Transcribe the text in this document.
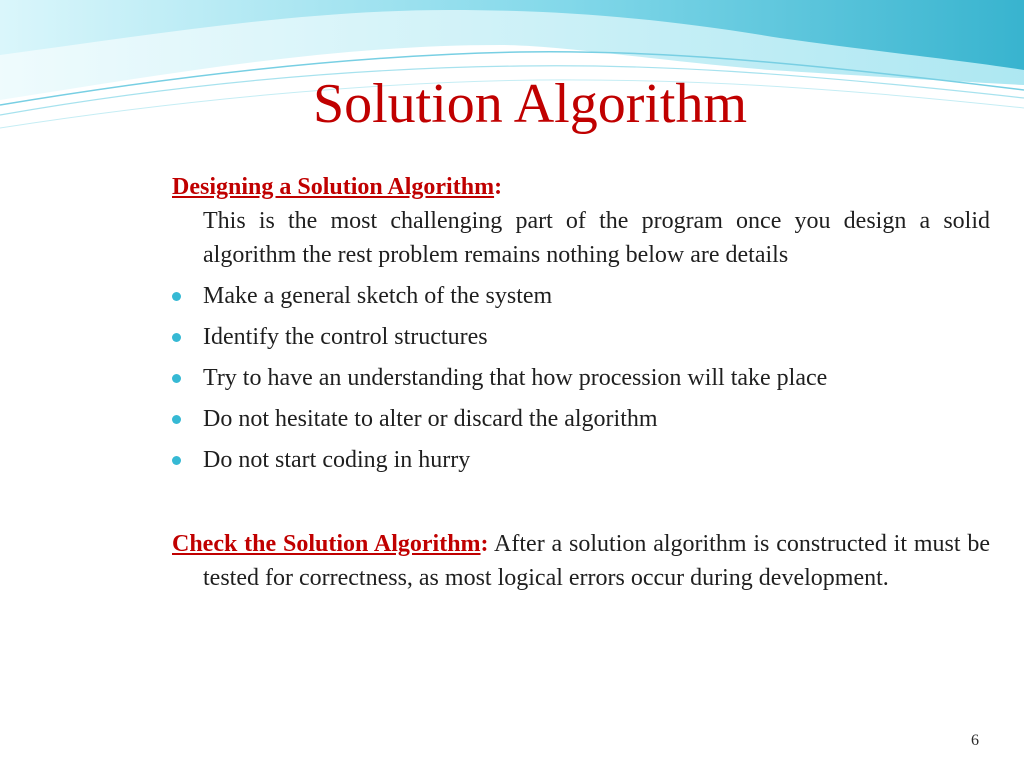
Solution Algorithm

Designing a Solution Algorithm:

This is the most challenging part of the program once you design a solid algorithm the rest problem remains nothing below are details

Make a general sketch of the system
Identify the control structures
Try to have an understanding that how procession will take place
Do not hesitate to alter or discard the algorithm
Do not start coding in hurry

Check the Solution Algorithm: After a solution algorithm is constructed it must be tested for correctness, as most logical errors occur during development.

6
